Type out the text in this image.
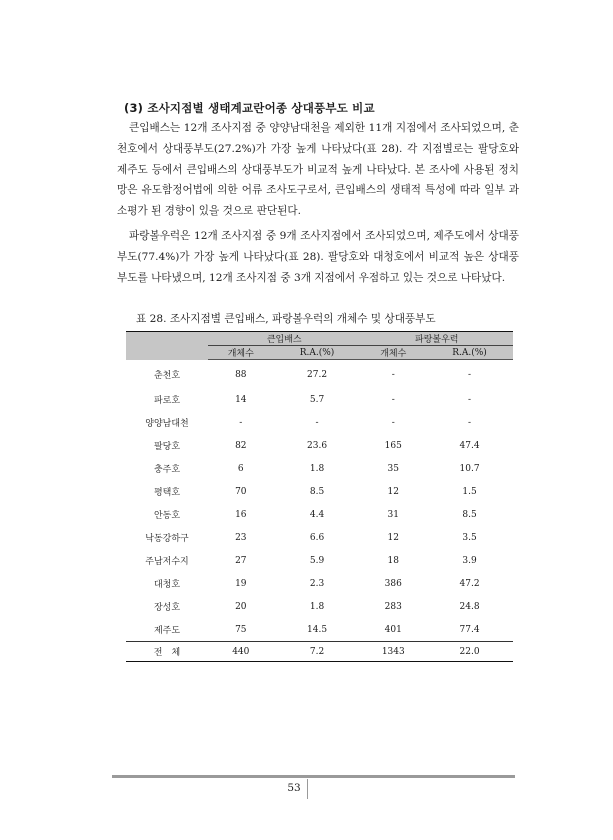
(3) 조사지점별 생태계교란어종 상대풍부도 비교

큰입배스는 12개 조사지점 중 양양남대천을 제외한 11개 지점에서 조사되었으며, 춘천호에서 상대풍부도(27.2%)가 가장 높게 나타났다(표 28). 각 지점별로는 팔당호와 제주도 등에서 큰입배스의 상대풍부도가 비교적 높게 나타났다. 본 조사에 사용된 정치망은 유도함정어법에 의한 어류 조사도구로서, 큰입배스의 생태적 특성에 따라 일부 과소평가 된 경향이 있을 것으로 판단된다.

파랑볼우럭은 12개 조사지점 중 9개 조사지점에서 조사되었으며, 제주도에서 상대풍부도(77.4%)가 가장 높게 나타났다(표 28). 팔당호와 대청호에서 비교적 높은 상대풍부도를 나타냈으며, 12개 조사지점 중 3개 지점에서 우점하고 있는 것으로 나타났다.

표 28. 조사지점별 큰입배스, 파랑볼우럭의 개체수 및 상대풍부도
	큰입배스		파랑볼우럭	
	개체수	R.A.(%)	개체수	R.A.(%)
춘천호	88	27.2	-	-
파로호	14	5.7	-	-
양양남대천	-	-	-	-
팔당호	82	23.6	165	47.4
충주호	6	1.8	35	10.7
평택호	70	8.5	12	1.5
안동호	16	4.4	31	8.5
낙동강하구	23	6.6	12	3.5
주남저수지	27	5.9	18	3.9
대청호	19	2.3	386	47.2
장성호	20	1.8	283	24.8
제주도	75	14.5	401	77.4
전　체	440	7.2	1343	22.0
53
